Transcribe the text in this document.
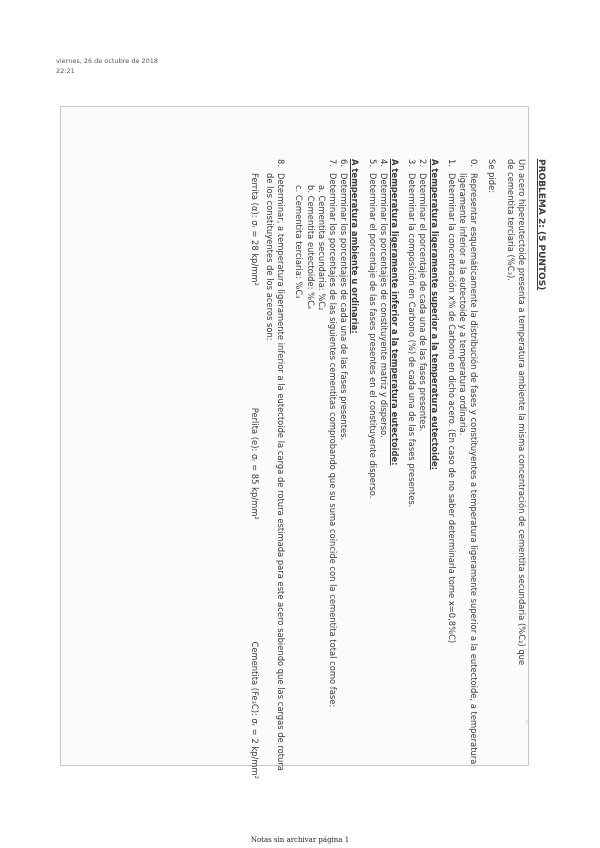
viernes, 26 de octubre de 2018
22:21
~

PROBLEMA 2: (5 PUNTOS)

Un acero hipereutectoide presenta a temperatura ambiente la misma concentración de cementita secundaria (%C₂) que

de cementita terciaria (%C₃).

Se pide:

0.
Representar esquemáticamente la distribución de fases y constituyentes a temperatura ligeramente superior a la eutectoide, a temperatura ligeramente inferior a la eutectoide y a temperatura ordinaria.
1.
Determinar la concentración x% de Carbono en dicho acero. (En caso de no saber determinarla tome x=0,8%C)

A temperatura ligeramente superior a la temperatura eutectoide:

2.
Determinar el porcentaje de cada una de las fases presentes.
3.
Determinar la composición en Carbono (%) de cada una de las fases presentes.

A temperatura ligeramente inferior a la temperatura eutectoide:

4.
Determinar los porcentajes de constituyente matriz y disperso.
5.
Determinar el porcentaje de las fases presentes en el constituyente disperso.

A temperatura ambiente u ordinaria:

6.
Determinar los porcentajes de cada una de las fases presentes.
7.
Determinar los porcentajes de las siguientes cementitas comprobando que su suma coincide con la cementita total como fase:

a. Cementita secundaria: %C₂

b. Cementita eutectoide: %Cₑ

c. Cementita terciaria: %C₃

8.
Determinar, a temperatura ligeramente inferior a la eutectoide la carga de rotura estimada para este acero sabiendo que las cargas de rotura de los constituyentes de los aceros son:
Ferrita (α): σᵣ = 28 kp/mm²
Perlita (e): σᵣ = 85 kp/mm²
Cementita (Fe₃C): σᵣ = 2 kp/mm²
Notas sin archivar página 1
